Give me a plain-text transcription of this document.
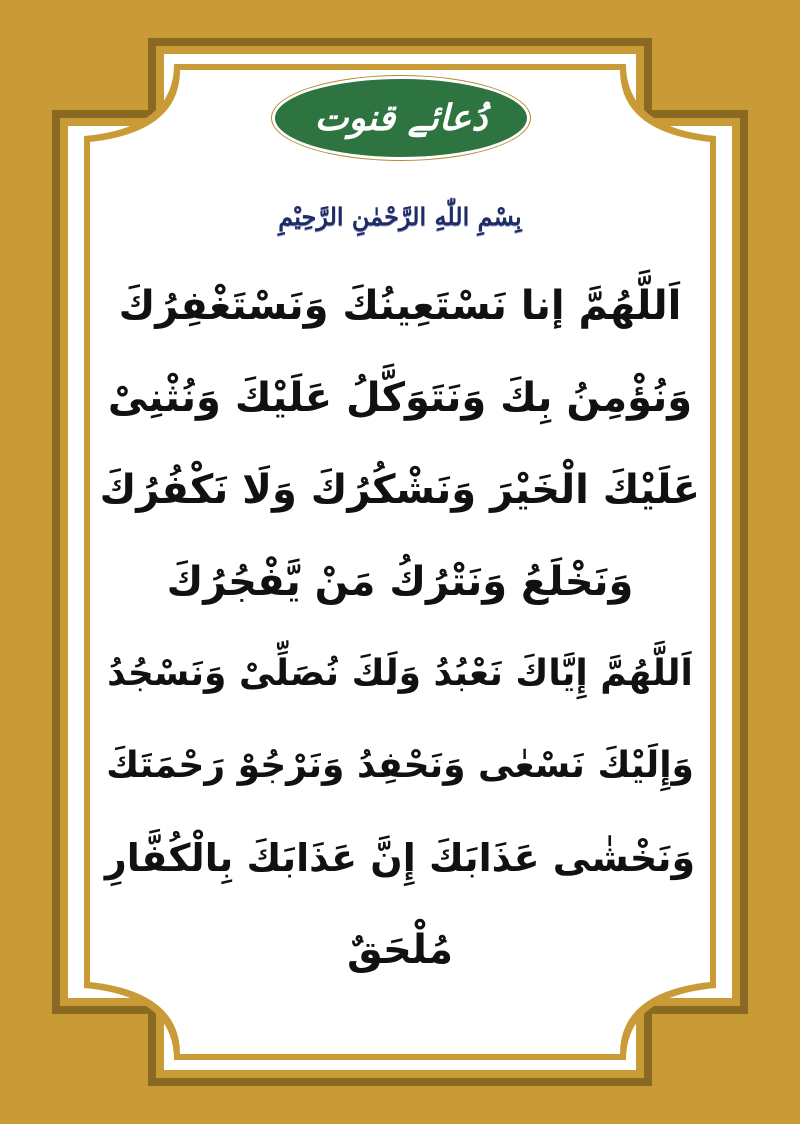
دُعائے قنوت
بِسْمِ اللّٰهِ الرَّحْمٰنِ الرَّحِيْمِ
اَللَّھُمَّ إنا نَسْتَعِینُكَ وَنَسْتَغْفِرُكَ
وَنُؤْمِنُ بِكَ وَنَتَوَكَّلُ عَلَیْكَ وَنُثْنِیْ
عَلَیْكَ الْخَیْرَ وَنَشْكُرُكَ وَلَا نَكْفُرُكَ
وَنَخْلَعُ وَنَتْرُكُ مَنْ یَّفْجُرُكَ
اَللَّھُمَّ إِیَّاكَ نَعْبُدُ وَلَكَ نُصَلِّیْ وَنَسْجُدُ
وَإِلَیْكَ نَسْعٰی وَنَحْفِدُ وَنَرْجُوْ رَحْمَتَكَ
وَنَخْشٰی عَذَابَكَ إِنَّ عَذَابَكَ بِالْكُفَّارِ
مُلْحَقٌ
